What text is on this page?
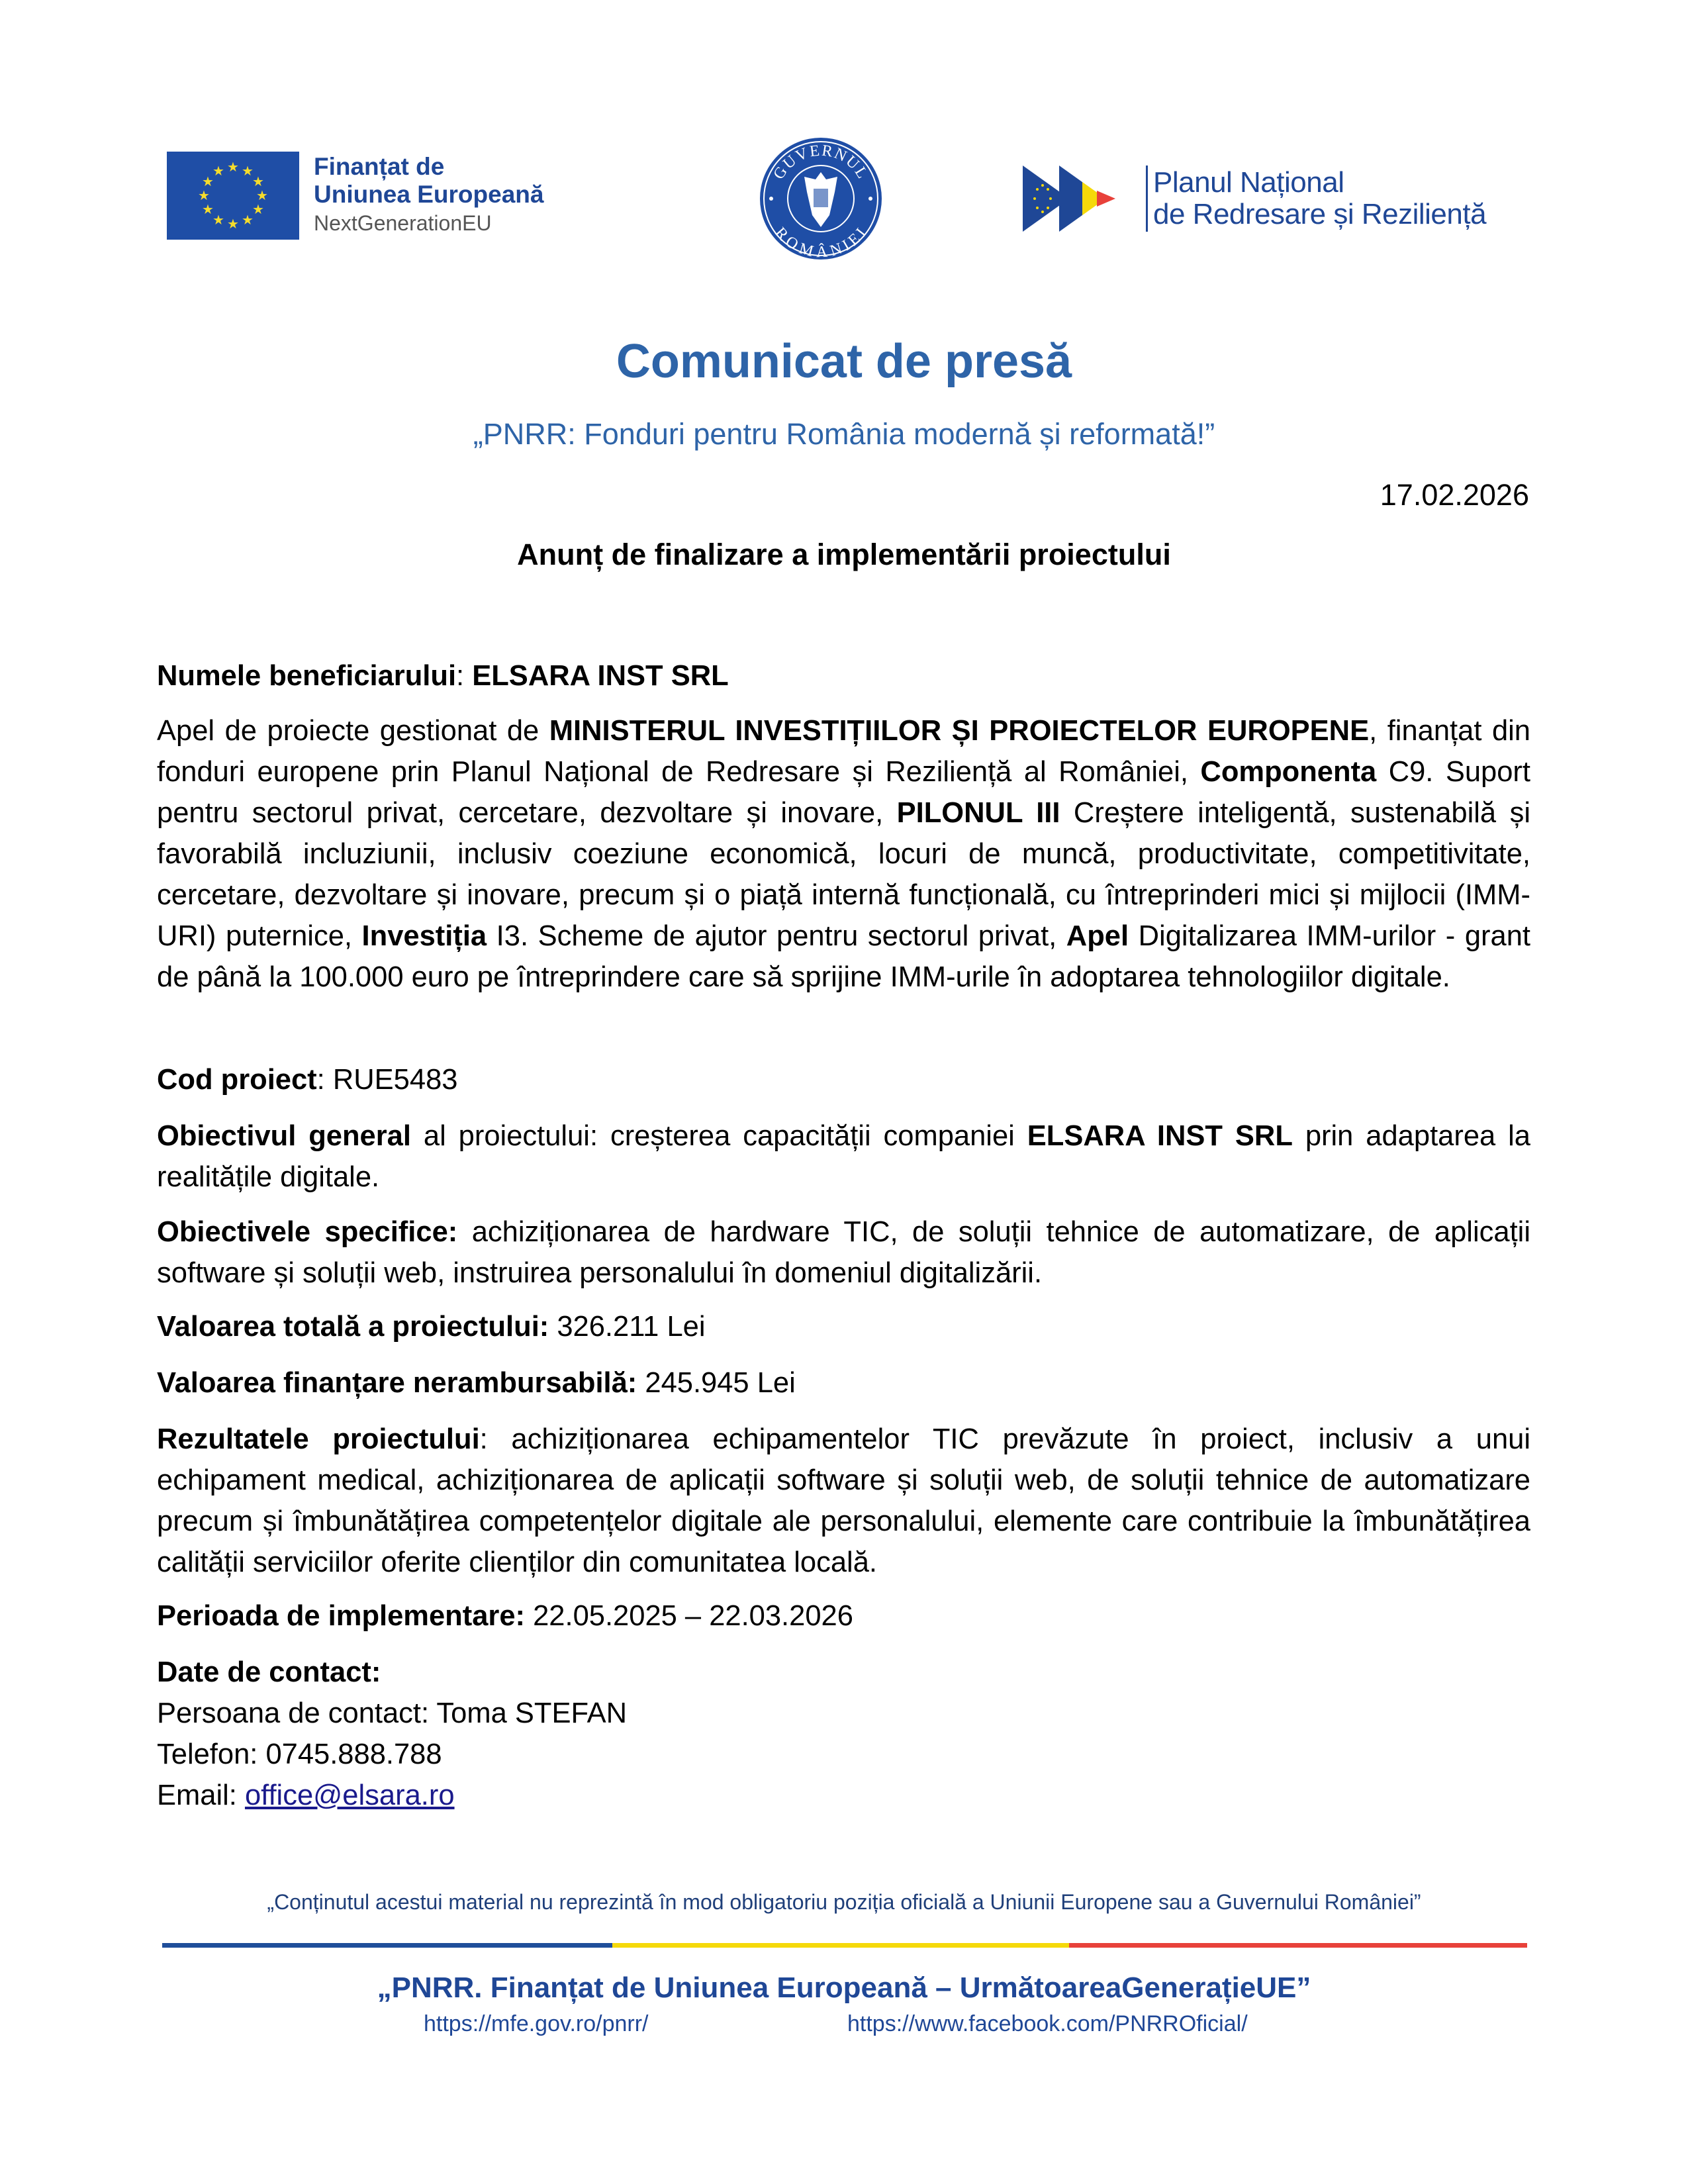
★ ★
★
★
★
★
★
★
★
★
★
★	Finanțat de
Uniunea Europeană
NextGenerationEU
GUVERNUL
ROMÂNIEI
Planul Național
de Redresare și Reziliență
Comunicat de presă
„PNRR: Fonduri pentru România modernă și reformată!”
17.02.2026
Anunț de finalizare a implementării proiectului
Numele beneficiarului: ELSARA INST SRL
Apel de proiecte gestionat de MINISTERUL INVESTIȚIILOR ȘI PROIECTELOR EUROPENE, finanțat din fonduri europene prin Planul Național de Redresare și Reziliență al României, Componenta C9. Suport pentru sectorul privat, cercetare, dezvoltare și inovare, PILONUL III Creștere inteligentă, sustenabilă și favorabilă incluziunii, inclusiv coeziune economică, locuri de muncă, productivitate, competitivitate, cercetare, dezvoltare și inovare, precum și o piață internă funcțională, cu întreprinderi mici și mijlocii (IMM-URI) puternice, Investiția I3. Scheme de ajutor pentru sectorul privat, Apel Digitalizarea IMM-urilor - grant de până la 100.000 euro pe întreprindere care să sprijine IMM-urile în adoptarea tehnologiilor digitale.
Cod proiect: RUE5483
Obiectivul general al proiectului: creșterea capacității companiei ELSARA INST SRL prin adaptarea la realitățile digitale.
Obiectivele specifice: achiziționarea de hardware TIC, de soluții tehnice de automatizare, de aplicații software și soluții web, instruirea personalului în domeniul digitalizării.
Valoarea totală a proiectului: 326.211 Lei
Valoarea finanțare nerambursabilă: 245.945 Lei
Rezultatele proiectului: achiziționarea echipamentelor TIC prevăzute în proiect, inclusiv a unui echipament medical, achiziționarea de aplicații software și soluții web, de soluții tehnice de automatizare precum și îmbunătățirea competențelor digitale ale personalului, elemente care contribuie la îmbunătățirea calității serviciilor oferite clienților din comunitatea locală.
Perioada de implementare: 22.05.2025 – 22.03.2026
Date de contact:
Persoana de contact: Toma STEFAN
Telefon: 0745.888.788
Email: office@elsara.ro
„Conținutul acestui material nu reprezintă în mod obligatoriu poziția oficială a Uniunii Europene sau a Guvernului României”
„PNRR. Finanțat de Uniunea Europeană – UrmătoareaGenerațieUE”
https://mfe.gov.ro/pnrr/	https://www.facebook.com/PNRROficial/
